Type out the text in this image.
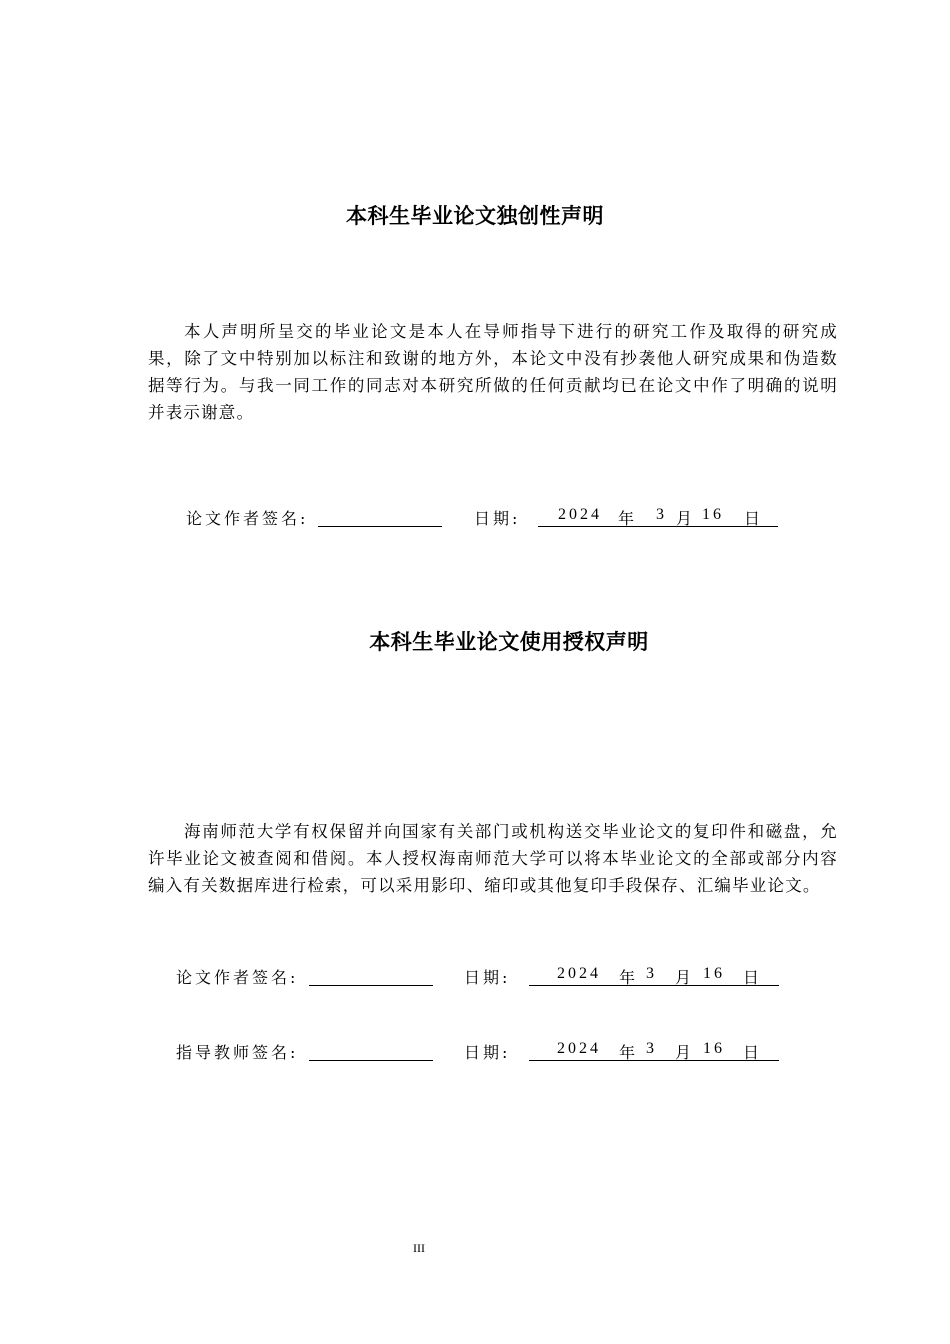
本科生毕业论文独创性声明
本人声明所呈交的毕业论文是本人在导师指导下进行的研究工作及取得的研究成果，除了文中特别加以标注和致谢的地方外，本论文中没有抄袭他人研究成果和伪造数据等行为。与我一同工作的同志对本研究所做的任何贡献均已在论文中作了明确的说明并表示谢意。
论文作者签名:	日期: 2024 年 3 月 16 日
本科生毕业论文使用授权声明
海南师范大学有权保留并向国家有关部门或机构送交毕业论文的复印件和磁盘，允许毕业论文被查阅和借阅。本人授权海南师范大学可以将本毕业论文的全部或部分内容编入有关数据库进行检索，可以采用影印、缩印或其他复印手段保存、汇编毕业论文。
论文作者签名:	日期:	2024 年 3 月 16 日
指导教师签名:	日期:	2024 年 3 月 16 日
III
